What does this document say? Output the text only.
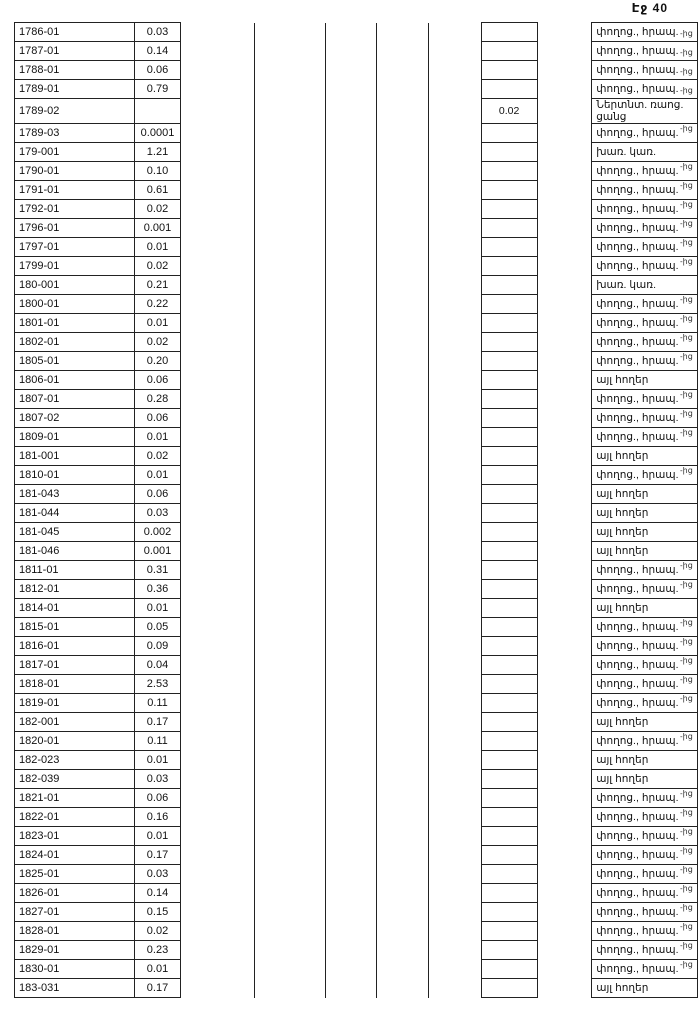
Էջ 40
1786-01	0.03								փողոց., հրապ.
1787-01	0.14								փողոց., հրապ.
1788-01	0.06								փողոց., հրապ.
1789-01	0.79								փողոց., հրապ.
1789-02							0.02		Ներտնտ. ռաոց. ցանց
1789-03	0.0001								փողոց., հրապ.
179-001	1.21								խառ. կառ.
1790-01	0.10								փողոց., հրապ.
1791-01	0.61								փողոց., հրապ.
1792-01	0.02								փողոց., հրապ.
1796-01	0.001								փողոց., հրապ.
1797-01	0.01								փողոց., հրապ.
1799-01	0.02								փողոց., հրապ.
180-001	0.21								խառ. կառ.
1800-01	0.22								փողոց., հրապ.
1801-01	0.01								փողոց., հրապ.
1802-01	0.02								փողոց., հրապ.
1805-01	0.20								փողոց., հրապ.
1806-01	0.06								այլ հողեր
1807-01	0.28								փողոց., հրապ.
1807-02	0.06								փողոց., հրապ.
1809-01	0.01								փողոց., հրապ.
181-001	0.02								այլ հողեր
1810-01	0.01								փողոց., հրապ.
181-043	0.06								այլ հողեր
181-044	0.03								այլ հողեր
181-045	0.002								այլ հողեր
181-046	0.001								այլ հողեր
1811-01	0.31								փողոց., հրապ.
1812-01	0.36								փողոց., հրապ.
1814-01	0.01								այլ հողեր
1815-01	0.05								փողոց., հրապ.
1816-01	0.09								փողոց., հրապ.
1817-01	0.04								փողոց., հրապ.
1818-01	2.53								փողոց., հրապ.
1819-01	0.11								փողոց., հրապ.
182-001	0.17								այլ հողեր
1820-01	0.11								փողոց., հրապ.
182-023	0.01								այլ հողեր
182-039	0.03								այլ հողեր
1821-01	0.06								փողոց., հրապ.
1822-01	0.16								փողոց., հրապ.
1823-01	0.01								փողոց., հրապ.
1824-01	0.17								փողոց., հրապ.
1825-01	0.03								փողոց., հրապ.
1826-01	0.14								փողոց., հրապ.
1827-01	0.15								փողոց., հրապ.
1828-01	0.02								փողոց., հրապ.
1829-01	0.23								փողոց., հրապ.
1830-01	0.01								փողոց., հրապ.
183-031	0.17								այլ հողեր
-ից
-ից
-ից
-ից
-ից
-ից
-ից
-ից
-ից
-ից
-ից
-ից
-ից
-ից
-ից
-ից
-ից
-ից
-ից
-ից
-ից
-ից
-ից
-ից
-ից
-ից
-ից
-ից
-ից
-ից
-ից
-ից
-ից
-ից
-ից
-ից
-ից
